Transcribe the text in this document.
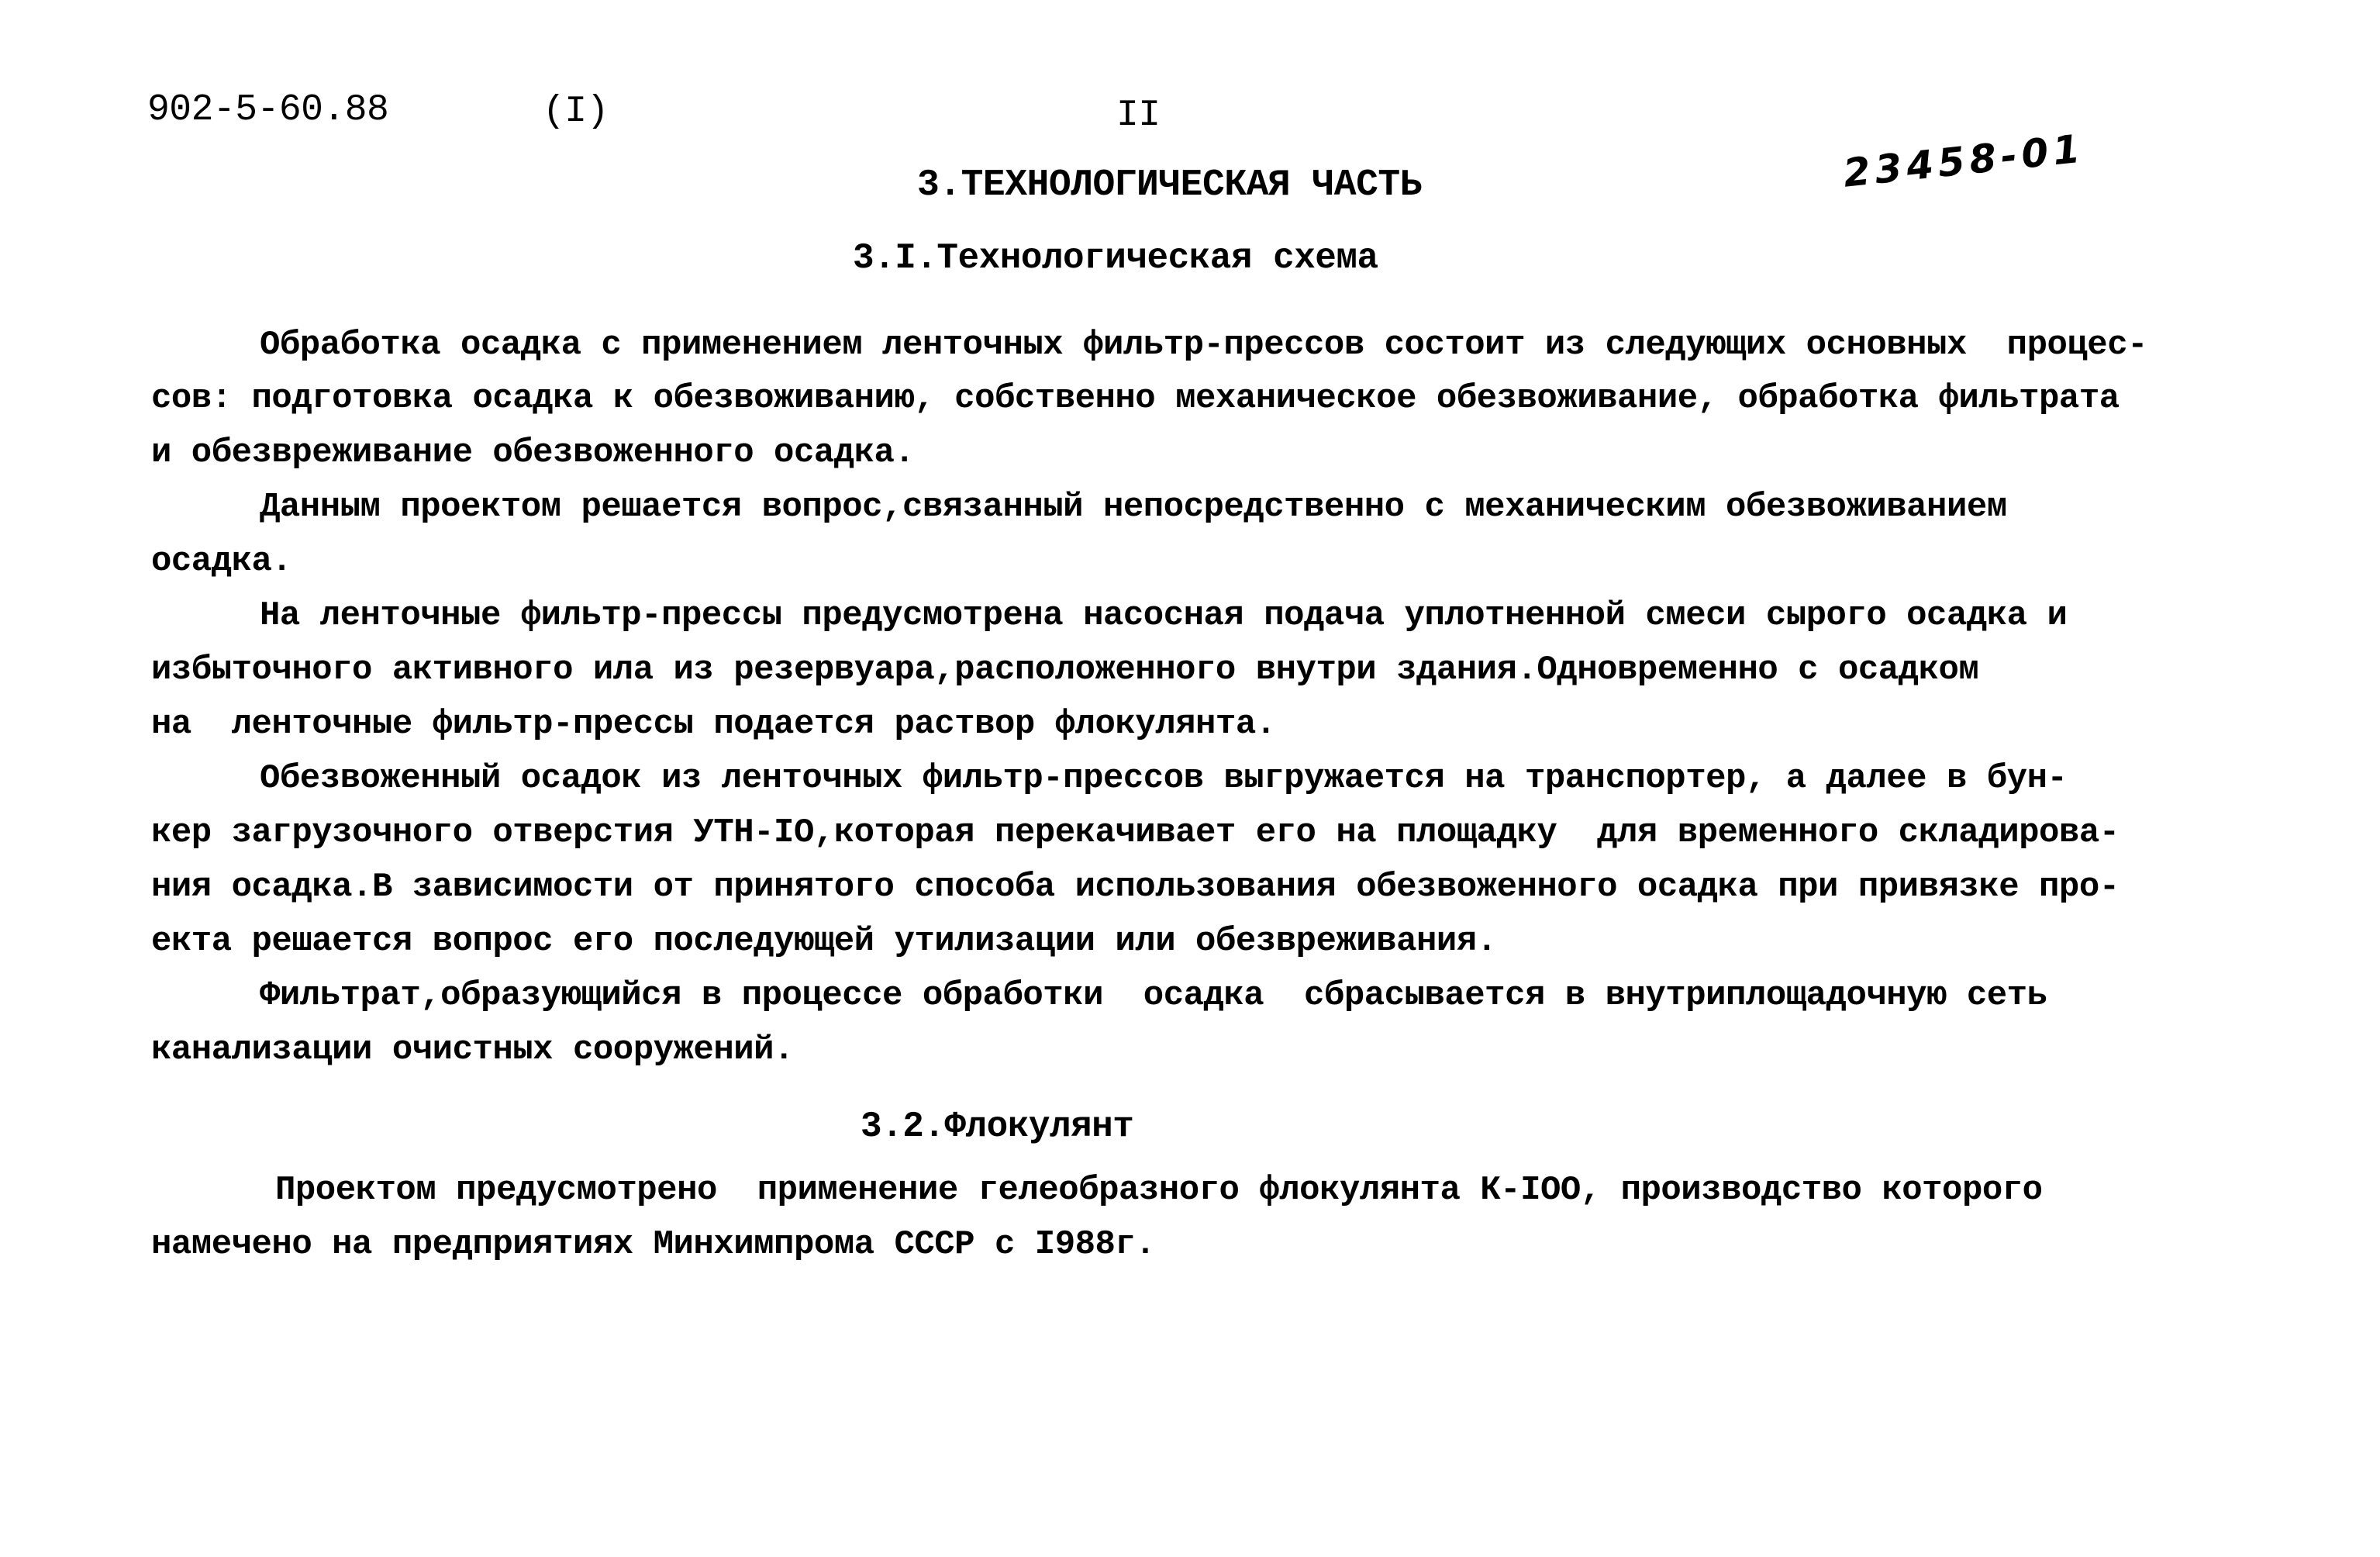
902-5-60.88	(I)	II
23458-01
3.ТЕХНОЛОГИЧЕСКАЯ ЧАСТЬ
3.I.Технологическая схема
Обработка осадка с применением ленточных фильтр-прессов состоит из следующих основных  процес-
сов: подготовка осадка к обезвоживанию, собственно механическое обезвоживание, обработка фильтрата
и обезвреживание обезвоженного осадка.
Данным проектом решается вопрос,связанный непосредственно с механическим обезвоживанием
осадка.
На ленточные фильтр-прессы предусмотрена насосная подача уплотненной смеси сырого осадка и
избыточного активного ила из резервуара,расположенного внутри здания.Одновременно с осадком
на  ленточные фильтр-прессы подается раствор флокулянта.
Обезвоженный осадок из ленточных фильтр-прессов выгружается на транспортер, а далее в бун-
кер загрузочного отверстия УТН-IO,которая перекачивает его на площадку  для временного складирова-
ния осадка.В зависимости от принятого способа использования обезвоженного осадка при привязке про-
екта решается вопрос его последующей утилизации или обезвреживания.
Фильтрат,образующийся в процессе обработки  осадка  сбрасывается в внутриплощадочную сеть
канализации очистных сооружений.
3.2.Флокулянт
Проектом предусмотрено  применение гелеобразного флокулянта К-IOO, производство которого
намечено на предприятиях Минхимпрома СССР с I988г.
